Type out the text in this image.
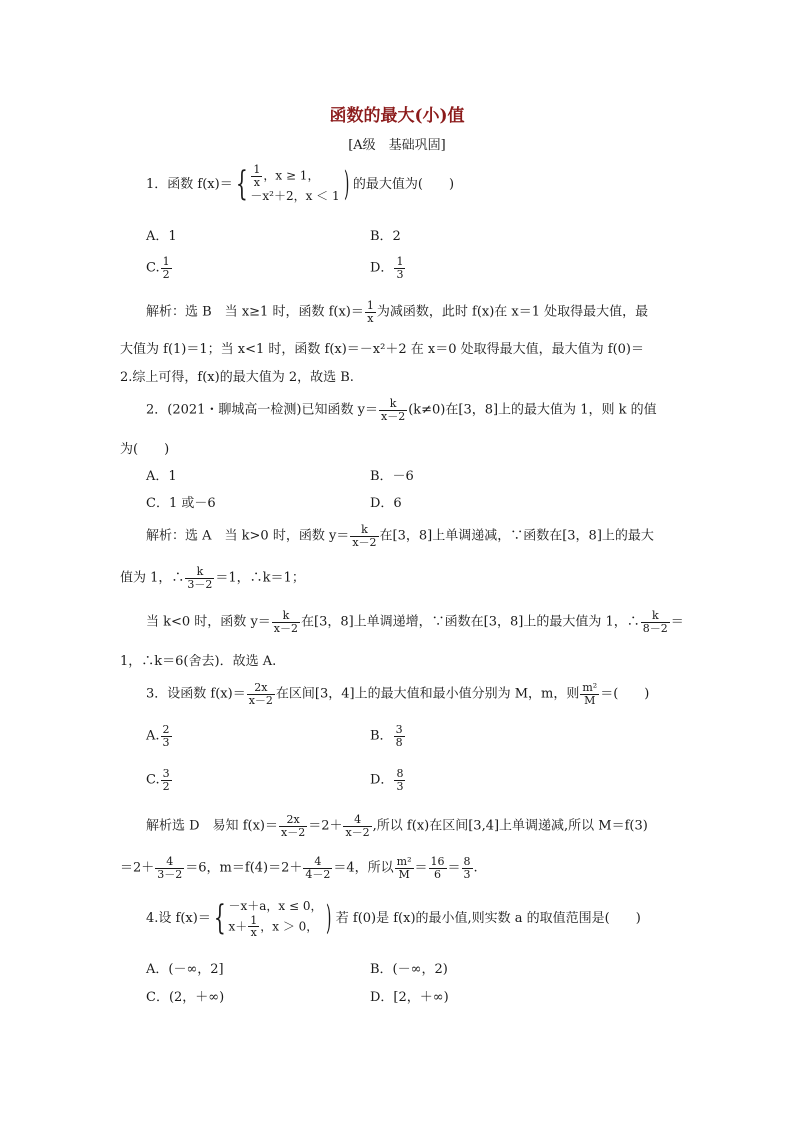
函数的最大(小)值
[A级　基础巩固]
1．函数 $f(x)=\{ \frac{1}{x}$ ，x ≥ 1，
－x²＋2，x ＜ 1 ) 的最大值为(　　)
A．1	B．2
C. $\frac{1}{2}$	D． $\frac{1}{3}$
解析：选 B　当 x≥1 时，函数 $f(x)= \frac{1}{x}$ 为减函数，此时 f(x)在 x＝1 处取得最大值，最
大值为 f(1)＝1；当 x<1 时，函数 f(x)＝－x²＋2 在 x＝0 处取得最大值，最大值为 f(0)＝
2.综上可得，f(x)的最大值为 2，故选 B.
2．(2021・聊城高一检测)已知函数 $y= \frac{k}{x-2} (k\ne 0)$在[3，8]上的最大值为 1，则 k 的值
为(　　)
A．1	B．－6
C．1 或－6	D．6
解析：选 A　当 k>0 时，函数 $y= \frac{k}{x-2}$ 在[3，8]上单调递减，∵函数在[3，8]上的最大
值为 1，∴ $\frac{k}{3-2} =1$，∴k＝1；
当 k<0 时，函数 $y= \frac{k}{x-2}$ 在[3，8]上单调递增，∵函数在[3，8]上的最大值为 1，∴ $\frac{k}{8-2}$ ＝
1，∴k＝6(舍去)．故选 A.
3．设函数 $f(x)= \frac{2x}{x-2}$ 在区间[3，4]上的最大值和最小值分别为 M，m，则 $\frac{\text{m²}}{M}$ ＝(　　)
A. $\frac{2}{3}$	B． $\frac{3}{8}$
C. $\frac{3}{2}$	D． $\frac{8}{3}$
解析选 D　易知 $f(x)= \frac{2x}{x-2} =2+ \frac{4}{x-2}$ ,所以 f(x)在区间[3,4]上单调递减,所以 M＝f(3)
$=2+ \frac{4}{3-2} =6$，$m=f(4)=2+ \frac{4}{4-2} =4$，所以 $\frac{\text{m²}}{M} = \frac{16}{6} = \frac{8}{3}$ .
4.设 f(x)＝{ －x＋a，x ≤ 0，
$x+ \frac{1}{x}$ ，x ＞ 0， ) 若 f(0)是 f(x)的最小值,则实数 a 的取值范围是(　　)
A．(－∞，2]	B．(－∞，2)
C．(2，＋∞)	D．[2，＋∞)
